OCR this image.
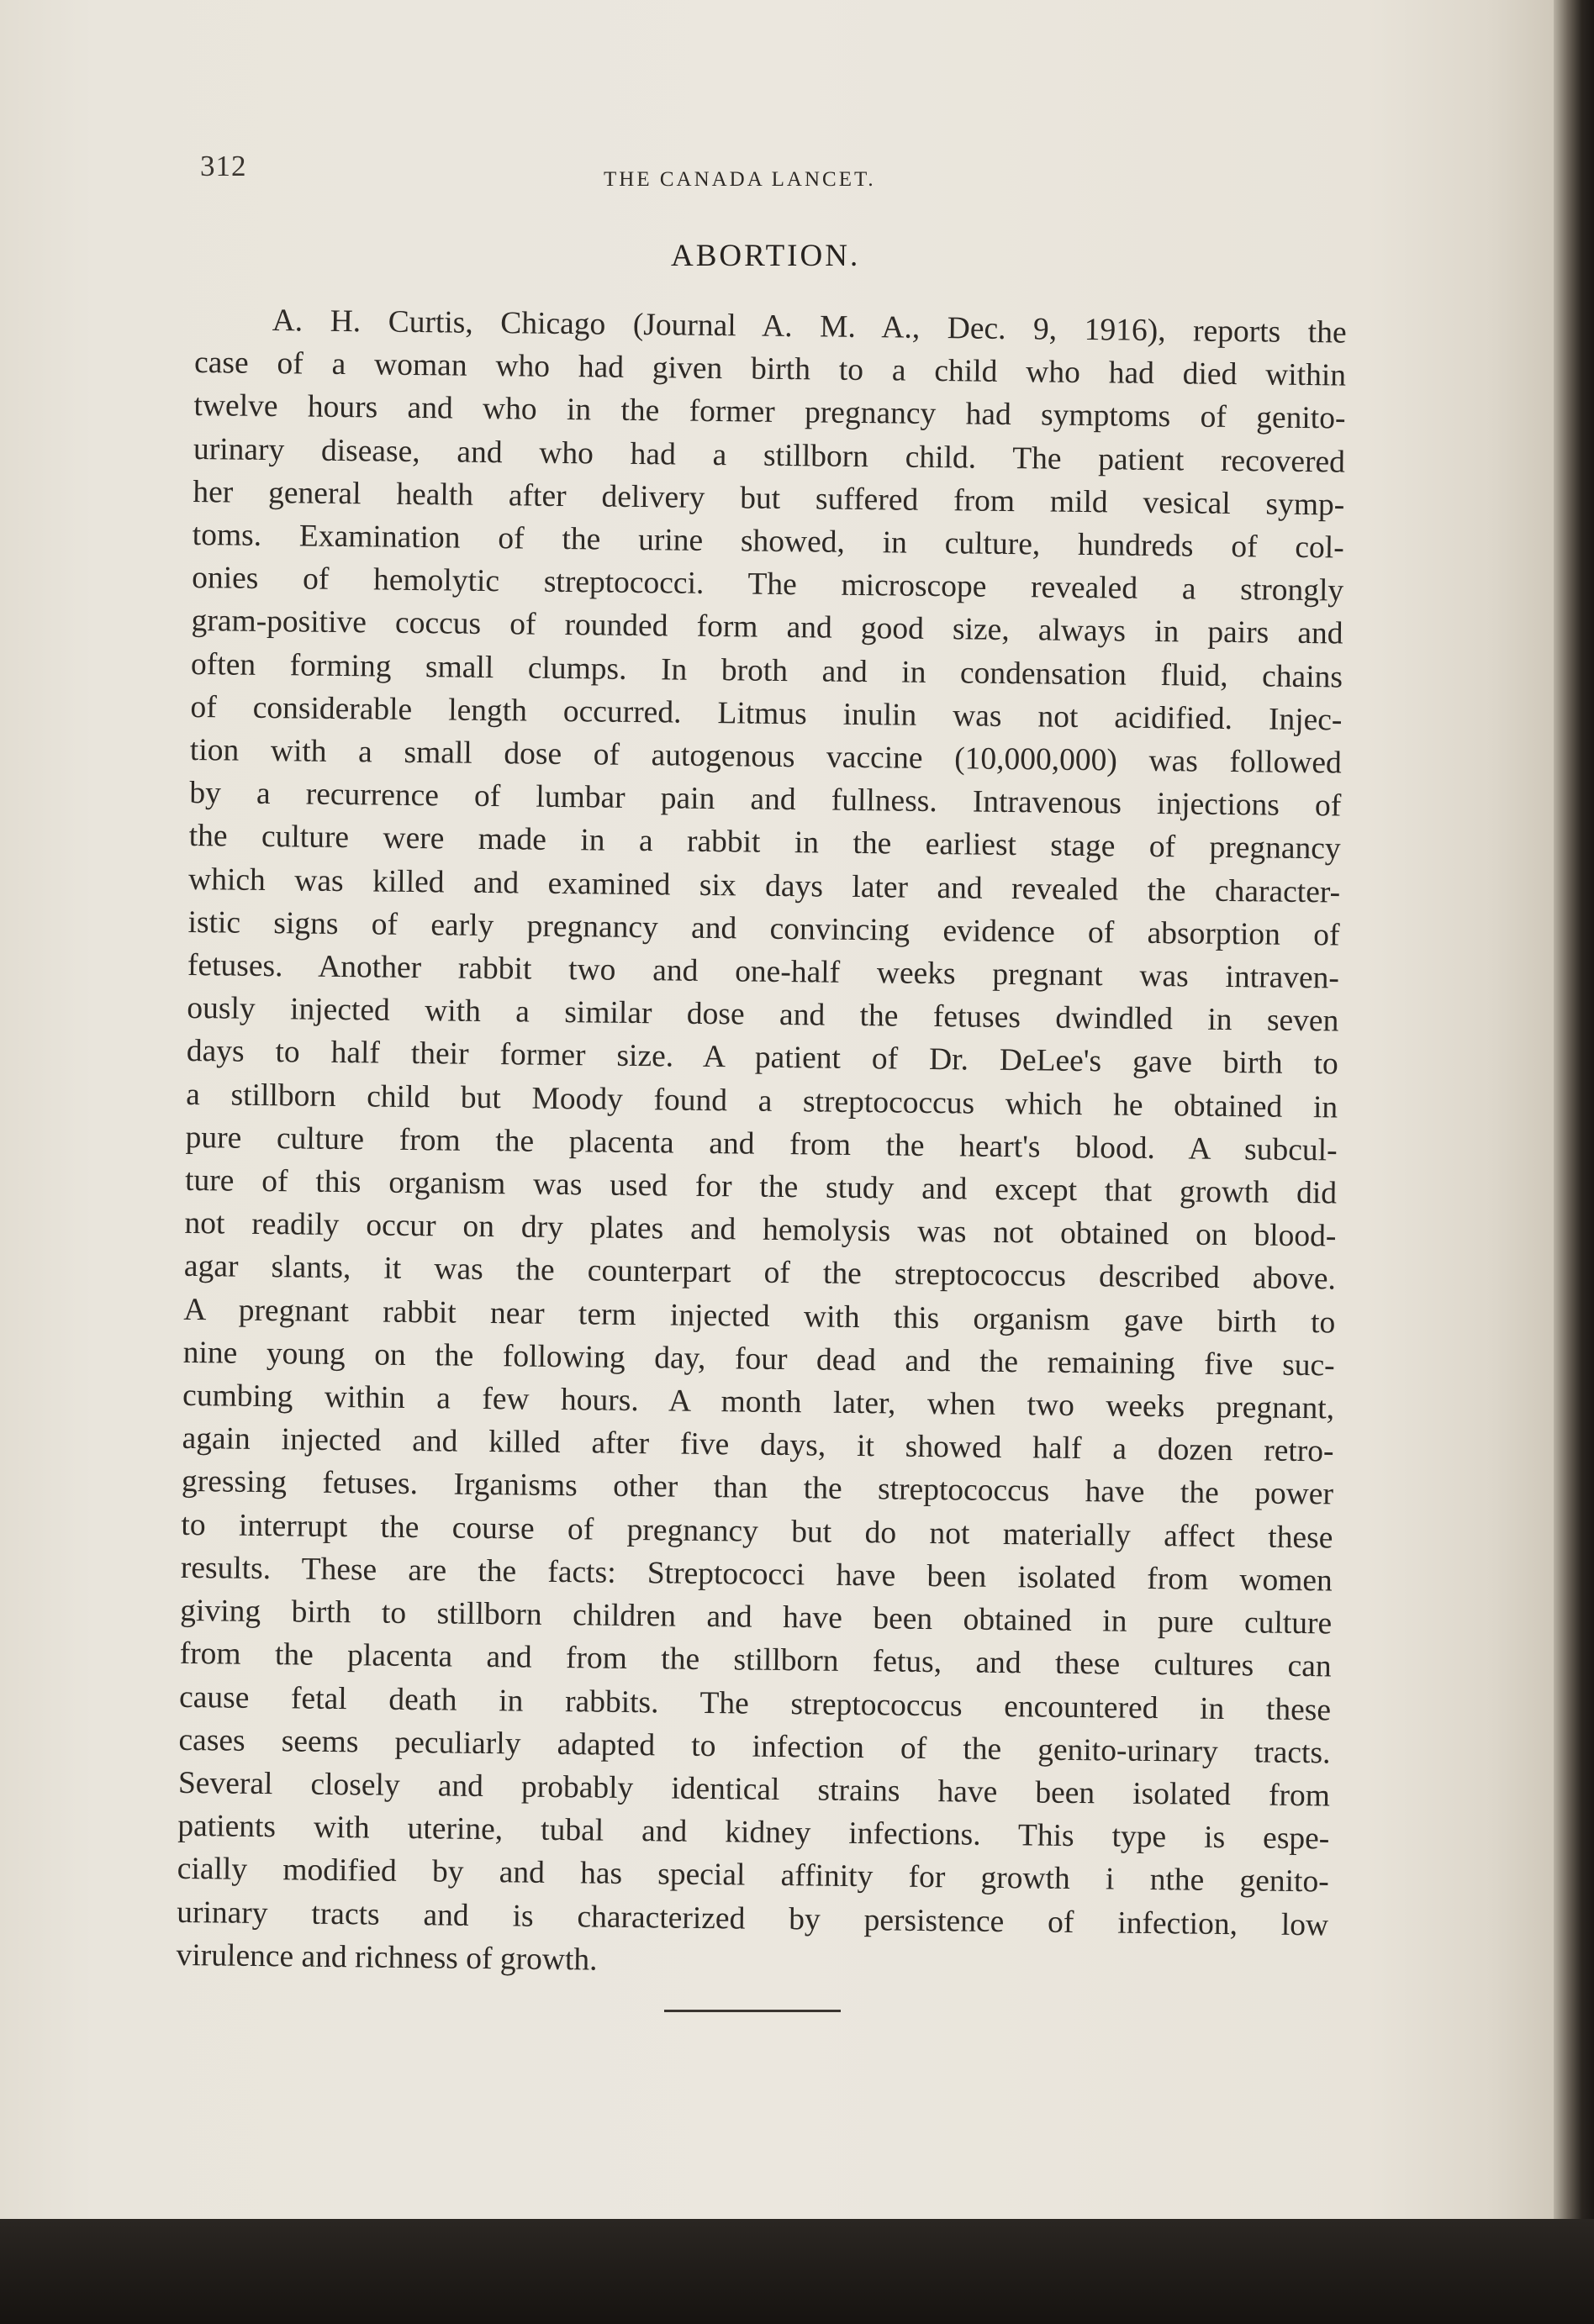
312	THE CANADA LANCET.
ABORTION.
A. H. Curtis, Chicago (Journal A. M. A., Dec. 9, 1916), reports the
case of a woman who had given birth to a child who had died within
twelve hours and who in the former pregnancy had symptoms of genito-
urinary disease, and who had a stillborn child. The patient recovered
her general health after delivery but suffered from mild vesical symp-
toms. Examination of the urine showed, in culture, hundreds of col-
onies of hemolytic streptococci. The microscope revealed a strongly
gram-positive coccus of rounded form and good size, always in pairs and
often forming small clumps. In broth and in condensation fluid, chains
of considerable length occurred. Litmus inulin was not acidified. Injec-
tion with a small dose of autogenous vaccine (10,000,000) was followed
by a recurrence of lumbar pain and fullness. Intravenous injections of
the culture were made in a rabbit in the earliest stage of pregnancy
which was killed and examined six days later and revealed the character-
istic signs of early pregnancy and convincing evidence of absorption of
fetuses. Another rabbit two and one-half weeks pregnant was intraven-
ously injected with a similar dose and the fetuses dwindled in seven
days to half their former size. A patient of Dr. DeLee's gave birth to
a stillborn child but Moody found a streptococcus which he obtained in
pure culture from the placenta and from the heart's blood. A subcul-
ture of this organism was used for the study and except that growth did
not readily occur on dry plates and hemolysis was not obtained on blood-
agar slants, it was the counterpart of the streptococcus described above.
A pregnant rabbit near term injected with this organism gave birth to
nine young on the following day, four dead and the remaining five suc-
cumbing within a few hours. A month later, when two weeks pregnant,
again injected and killed after five days, it showed half a dozen retro-
gressing fetuses. Irganisms other than the streptococcus have the power
to interrupt the course of pregnancy but do not materially affect these
results. These are the facts: Streptococci have been isolated from women
giving birth to stillborn children and have been obtained in pure culture
from the placenta and from the stillborn fetus, and these cultures can
cause fetal death in rabbits. The streptococcus encountered in these
cases seems peculiarly adapted to infection of the genito-urinary tracts.
Several closely and probably identical strains have been isolated from
patients with uterine, tubal and kidney infections. This type is espe-
cially modified by and has special affinity for growth i nthe genito-
urinary tracts and is characterized by persistence of infection, low
virulence and richness of growth.
